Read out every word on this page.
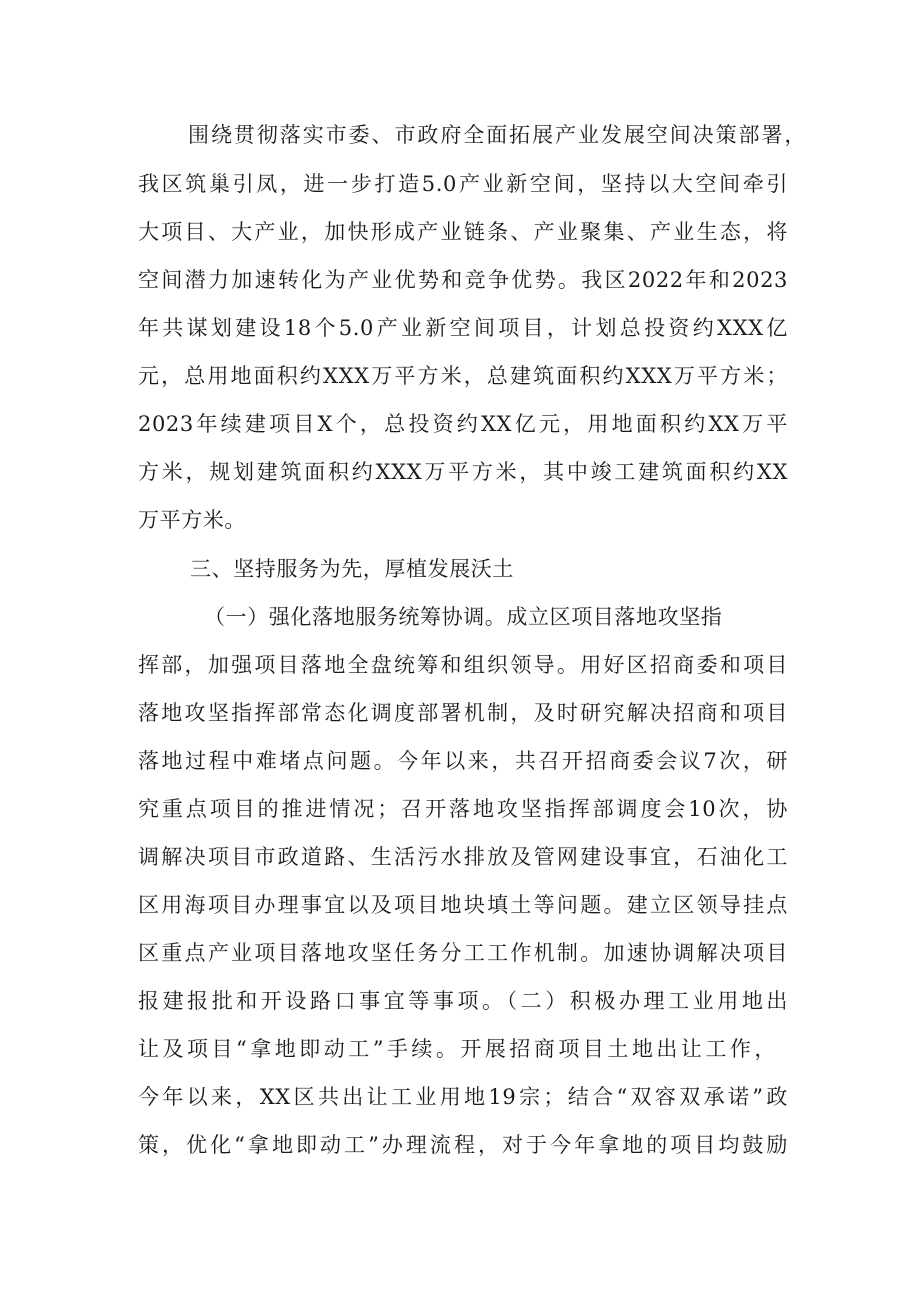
围绕贯彻落实市委、市政府全面拓展产业发展空间决策部署，

我区筑巢引凤，进一步打造5.0产业新空间，坚持以大空间牵引

大项目、大产业，加快形成产业链条、产业聚集、产业生态，将

空间潜力加速转化为产业优势和竞争优势。我区2022年和2023

年共谋划建设18个5.0产业新空间项目，计划总投资约XXX亿

元，总用地面积约XXX万平方米，总建筑面积约XXX万平方米；

2023年续建项目X个，总投资约XX亿元，用地面积约XX万平

方米，规划建筑面积约XXX万平方米，其中竣工建筑面积约XX

万平方米。

三、坚持服务为先，厚植发展沃土

（一）强化落地服务统筹协调。成立区项目落地攻坚指

挥部，加强项目落地全盘统筹和组织领导。用好区招商委和项目

落地攻坚指挥部常态化调度部署机制，及时研究解决招商和项目

落地过程中难堵点问题。今年以来，共召开招商委会议7次，研

究重点项目的推进情况；召开落地攻坚指挥部调度会10次，协

调解决项目市政道路、生活污水排放及管网建设事宜，石油化工

区用海项目办理事宜以及项目地块填土等问题。建立区领导挂点

区重点产业项目落地攻坚任务分工工作机制。加速协调解决项目

报建报批和开设路口事宜等事项。（二）积极办理工业用地出

让及项目“拿地即动工”手续。开展招商项目土地出让工作，

今年以来，XX区共出让工业用地19宗；结合“双容双承诺”政

策，优化“拿地即动工”办理流程，对于今年拿地的项目均鼓励
